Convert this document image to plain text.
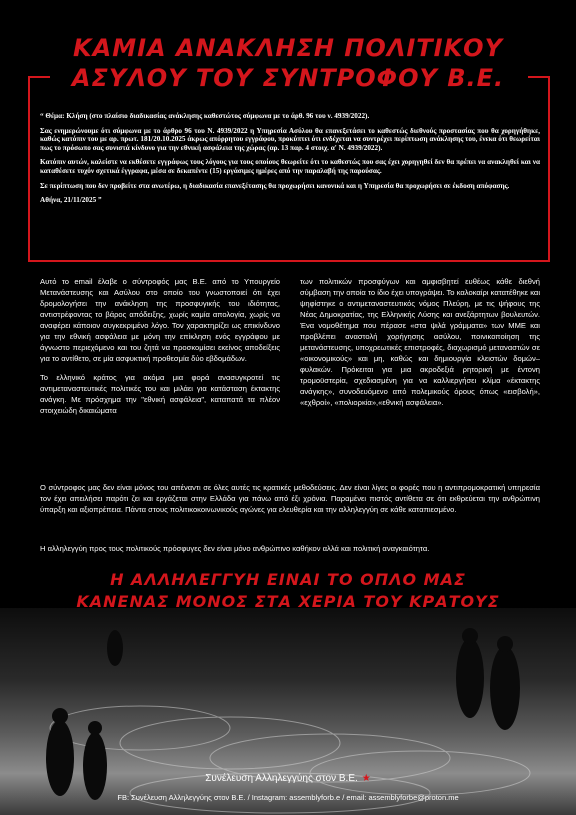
ΚΑΜΙΑ ΑΝΑΚΛΗΣΗ ΠΟΛΙΤΙΚΟΥ
ΑΣΥΛΟΥ ΤΟΥ ΣΥΝΤΡΟΦΟΥ Β.Ε.

“ Θέμα: Κλήση (στο πλαίσιο διαδικασίας ανάκλησης καθεστώτος σύμφωνα με το άρθ. 96 του ν. 4939/2022).

Σας ενημερώνουμε ότι σύμφωνα με το άρθρο 96 του Ν. 4939/2022 η Υπηρεσία Ασύλου θα επανεξετάσει το καθεστώς διεθνούς προστασίας που θα χορηγήθηκε, καθώς κατόπιν του με αρ. πρωτ. 181/20.10.2025 άκρως απόρρητου εγγράφου, προκύπτει ότι ενδέχεται να συντρέχει περίπτωση ανάκλησης του, ένεκα ότι θεωρείται πως το πρόσωπο σας συνιστά κίνδυνο για την εθνική ασφάλεια της χώρας (αρ. 13 παρ. 4 στοιχ. α' Ν. 4939/2022).

Κατόπιν αυτών, καλείστε να εκθέσετε εγγράφως τους λόγους για τους οποίους θεωρείτε ότι το καθεστώς που σας έχει χορηγηθεί δεν θα πρέπει να ανακληθεί και να καταθέσετε τυχόν σχετικά έγγραφα, μέσα σε δεκαπέντε (15) εργάσιμες ημέρες από την παραλαβή της παρούσας.

Σε περίπτωση που δεν προβείτε στα ανωτέρω, η διαδικασία επανεξέτασης θα προχωρήσει κανονικά και η Υπηρεσία θα προχωρήσει σε έκδοση απόφασης.

Αθήνα, 21/11/2025 ”

Αυτό το email έλαβε ο σύντροφός μας Β.Ε. από το Υπουργείο Μετανάστευσης και Ασύλου στο οποίο του γνωστοποιεί ότι έχει δρομολογήσει την ανάκληση της προσφυγικής του ιδιότητας, αντιστρέφοντας το βάρος απόδειξης, χωρίς καμία απολογία, χωρίς να αναφέρει κάποιον συγκεκριμένο λόγο. Τον χαρακτηρίζει ως επικίνδυνο για την εθνική ασφάλεια με μόνη την επίκληση ενός εγγράφου με άγνωστο περιεχόμενο και του ζητά να προσκομίσει εκείνος αποδείξεις για το αντίθετο, σε μία ασφυκτική προθεσμία δύο εβδομάδων.

Το ελληνικό κράτος για ακόμα μια φορά ανασυγκροτεί τις αντιμεταναστευτικές πολιτικές του και μιλάει για κατάσταση έκτακτης ανάγκη. Με πρόσχημα την "εθνική ασφάλεια", καταπατά τα πλέον στοιχειώδη δικαιώματα

των πολιτικών προσφύγων και αμφισβητεί ευθέως κάθε διεθνή σύμβαση την οποία το ίδιο έχει υπογράψει. Το καλοκαίρι κατατέθηκε και ψηφίστηκε ο αντιμεταναστευτικός νόμος Πλεύρη, με τις ψήφους της Νέας Δημοκρατίας, της Ελληνικής Λύσης και ανεξάρτητων βουλευτών. Ένα νομοθέτημα που πέρασε «στα ψιλά γράμματα» των ΜΜΕ και προβλέπει αναστολή χορήγησης ασύλου, ποινικοποίηση της μετανάστευσης, υποχρεωτικές επιστροφές, διαχωρισμό μεταναστών σε «οικονομικούς» και μη, καθώς και δημιουργία κλειστών δομών–φυλακών. Πρόκειται για μια ακροδεξιά ρητορική με έντονη τρομοϋστερία, σχεδιασμένη για να καλλιεργήσει κλίμα «έκτακτης ανάγκης», συνοδευόμενο από πολεμικούς όρους όπως «εισβολή», «εχθροί», «πολιορκία»,«εθνική ασφάλεια».

Ο σύντροφος μας δεν είναι μόνος του απέναντι σε όλες αυτές τις κρατικές μεθοδεύσεις. Δεν είναι λίγες οι φορές που η αντιπρομοκρατική υπηρεσία τον έχει απειλήσει παρότι ζει και εργάζεται στην Ελλάδα για πάνω από έξι χρόνια. Παραμένει πιστός αντίθετα σε ότι εκθρεύεται την ανθρώπινη ύπαρξη και αξιοπρέπεια. Πάντα στους πολιτικοκοινωνικούς αγώνες για ελευθερία και την αλληλεγγύη σε κάθε καταπιεσμένο.

Η αλληλεγγύη προς τους πολιτικούς πρόσφυγες δεν είναι μόνο ανθρώπινο καθήκον αλλά και πολιτική αναγκαιότητα.

Η ΑΛΛΗΛΕΓΓΥΗ ΕΙΝΑΙ ΤΟ ΟΠΛΟ ΜΑΣ
ΚΑΝΕΝΑΣ ΜΟΝΟΣ ΣΤΑ ΧΕΡΙΑ ΤΟΥ ΚΡΑΤΟΥΣ
Συνέλευση Αλληλεγγύης στον Β.Ε. ★
FB: Συνέλευση Αλληλεγγύης στον Β.Ε. / Instagram: assemblyforb.e / email: assemblyforbe@proton.me
